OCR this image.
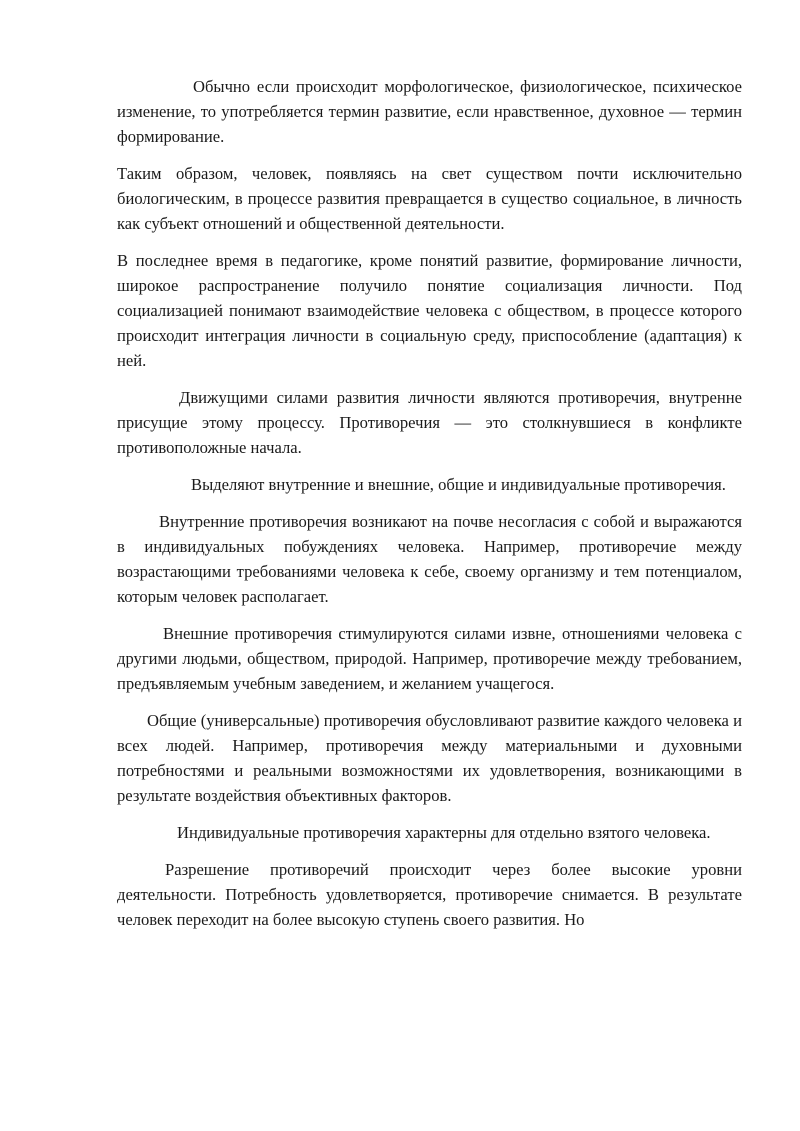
Обычно если происходит морфологическое, физиологическое, психическое изменение, то употребляется термин развитие, если нравственное, духовное — термин формирование.

Таким образом, человек, появляясь на свет существом почти исключительно биологическим, в процессе развития превращается в существо социальное, в личность как субъект отношений и общественной деятельности.

В последнее время в педагогике, кроме понятий развитие, формирование личности, широкое распространение получило понятие социализация личности. Под социализацией понимают взаимодействие человека с обществом, в процессе которого происходит интеграция личности в социальную среду, приспособление (адаптация) к ней.

Движущими силами развития личности являются противоречия, внутренне присущие этому процессу. Противоречия — это столкнувшиеся в конфликте противоположные начала.

Выделяют внутренние и внешние, общие и индивидуальные противоречия.

Внутренние противоречия возникают на почве несогласия с собой и выражаются в индивидуальных побуждениях человека. Например, противоречие между возрастающими требованиями человека к себе, своему организму и тем потенциалом, которым человек располагает.

Внешние противоречия стимулируются силами извне, отношениями человека с другими людьми, обществом, природой. Например, противоречие между требованием, предъявляемым учебным заведением, и желанием учащегося.

Общие (универсальные) противоречия обусловливают развитие каждого человека и всех людей. Например, противоречия между материальными и духовными потребностями и реальными возможностями их удовлетворения, возникающими в результате воздействия объективных факторов.

Индивидуальные противоречия характерны для отдельно взятого человека.

Разрешение противоречий происходит через более высокие уровни деятельности. Потребность удовлетворяется, противоречие снимается. В результате человек переходит на более высокую ступень своего развития. Но
